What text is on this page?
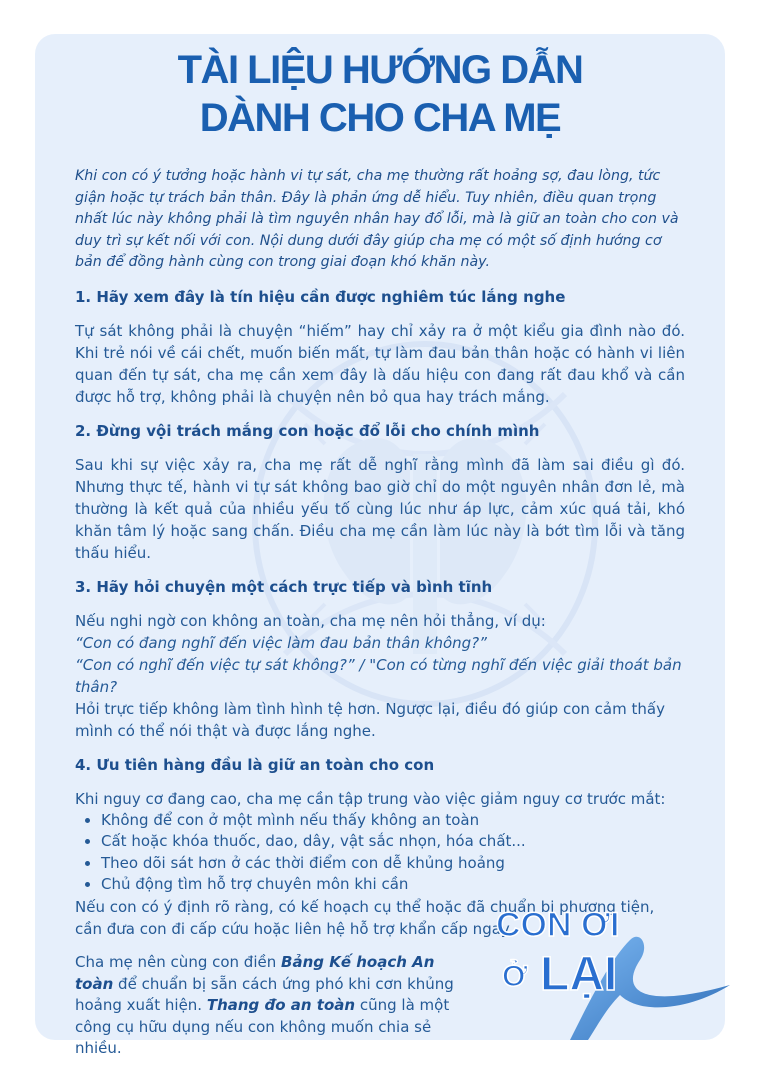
TÀI LIỆU HƯỚNG DẪN
DÀNH CHO CHA MẸ

Khi con có ý tưởng hoặc hành vi tự sát, cha mẹ thường rất hoảng sợ, đau lòng, tức giận hoặc tự trách bản thân. Đây là phản ứng dễ hiểu. Tuy nhiên, điều quan trọng nhất lúc này không phải là tìm nguyên nhân hay đổ lỗi, mà là giữ an toàn cho con và duy trì sự kết nối với con. Nội dung dưới đây giúp cha mẹ có một số định hướng cơ bản để đồng hành cùng con trong giai đoạn khó khăn này.

1. Hãy xem đây là tín hiệu cần được nghiêm túc lắng nghe

Tự sát không phải là chuyện “hiếm” hay chỉ xảy ra ở một kiểu gia đình nào đó. Khi trẻ nói về cái chết, muốn biến mất, tự làm đau bản thân hoặc có hành vi liên quan đến tự sát, cha mẹ cần xem đây là dấu hiệu con đang rất đau khổ và cần được hỗ trợ, không phải là chuyện nên bỏ qua hay trách mắng.

2. Đừng vội trách mắng con hoặc đổ lỗi cho chính mình

Sau khi sự việc xảy ra, cha mẹ rất dễ nghĩ rằng mình đã làm sai điều gì đó. Nhưng thực tế, hành vi tự sát không bao giờ chỉ do một nguyên nhân đơn lẻ, mà thường là kết quả của nhiều yếu tố cùng lúc như áp lực, cảm xúc quá tải, khó khăn tâm lý hoặc sang chấn. Điều cha mẹ cần làm lúc này là bớt tìm lỗi và tăng thấu hiểu.

3. Hãy hỏi chuyện một cách trực tiếp và bình tĩnh

Nếu nghi ngờ con không an toàn, cha mẹ nên hỏi thẳng, ví dụ:

“Con có đang nghĩ đến việc làm đau bản thân không?”

“Con có nghĩ đến việc tự sát không?” / "Con có từng nghĩ đến việc giải thoát bản thân?

Hỏi trực tiếp không làm tình hình tệ hơn. Ngược lại, điều đó giúp con cảm thấy mình có thể nói thật và được lắng nghe.

4. Ưu tiên hàng đầu là giữ an toàn cho con

Khi nguy cơ đang cao, cha mẹ cần tập trung vào việc giảm nguy cơ trước mắt:

• Không để con ở một mình nếu thấy không an toàn
• Cất hoặc khóa thuốc, dao, dây, vật sắc nhọn, hóa chất...
• Theo dõi sát hơn ở các thời điểm con dễ khủng hoảng
• Chủ động tìm hỗ trợ chuyên môn khi cần

Nếu con có ý định rõ ràng, có kế hoạch cụ thể hoặc đã chuẩn bị phương tiện, cần đưa con đi cấp cứu hoặc liên hệ hỗ trợ khẩn cấp ngay.

Cha mẹ nên cùng con điền Bảng Kế hoạch An toàn để chuẩn bị sẵn cách ứng phó khi cơn khủng hoảng xuất hiện. Thang đo an toàn cũng là một công cụ hữu dụng nếu con không muốn chia sẻ nhiều.

CON ƠI
Ở LẠI
